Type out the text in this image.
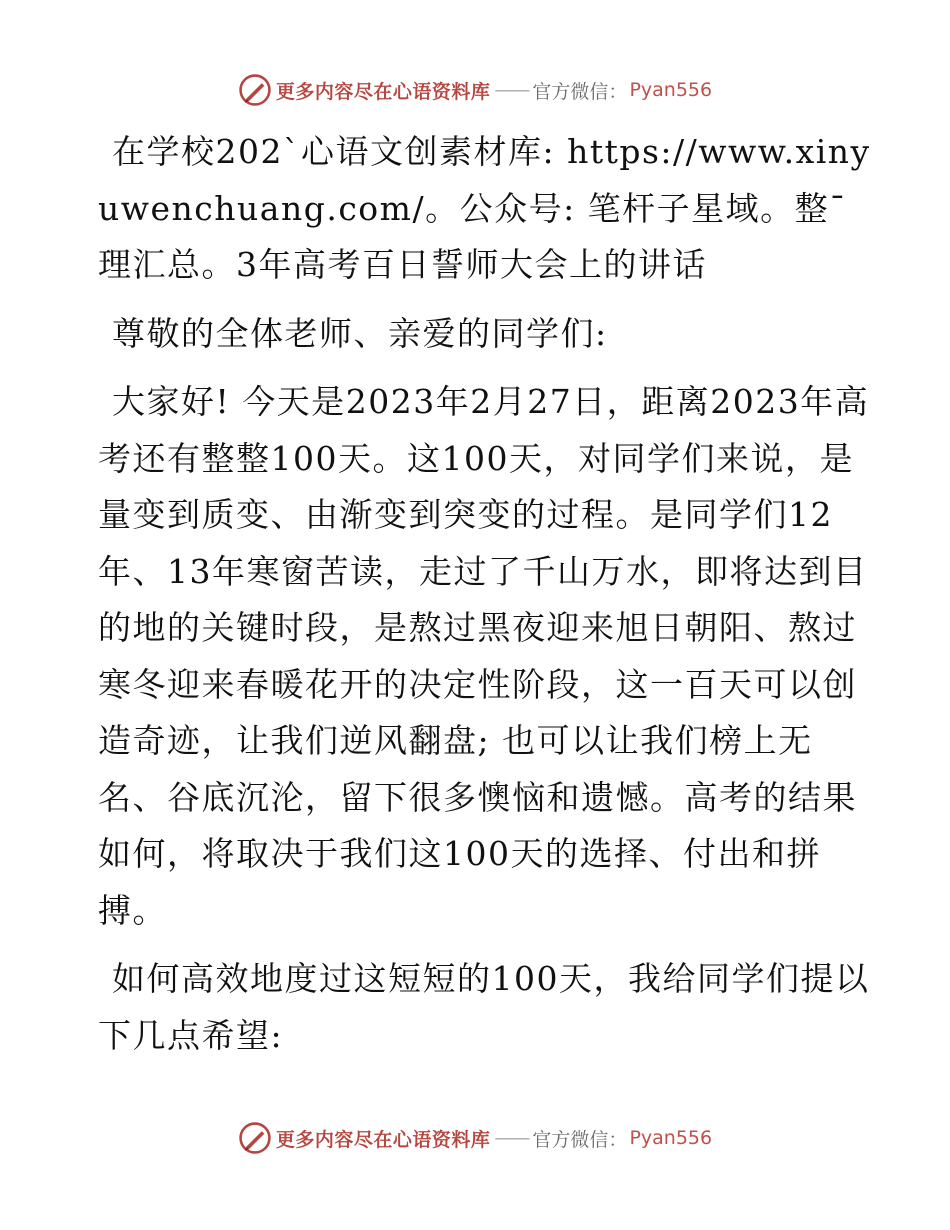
更多内容尽在心语资料库 —— 官方微信： Pyan556

在学校202`心语文创素材库: https://www.xinyuwenchuang.com/。公众号: 笔杆子星域。整¯理汇总。3年高考百日誓师大会上的讲话

尊敬的全体老师、亲爱的同学们:

大家好! 今天是2023年2月27日，距离2023年高考还有整整100天。这100天，对同学们来说，是量变到质变、由渐变到突变的过程。是同学们12年、13年寒窗苦读，走过了千山万水，即将达到目的地的关键时段，是熬过黑夜迎来旭日朝阳、熬过寒冬迎来春暖花开的决定性阶段，这一百天可以创造奇迹，让我们逆风翻盘; 也可以让我们榜上无名、谷底沉沦，留下很多懊恼和遗憾。高考的结果如何，将取决于我们这100天的选择、付出和拼搏。

如何高效地度过这短短的100天，我给同学们提以下几点希望:

更多内容尽在心语资料库 —— 官方微信： Pyan556
